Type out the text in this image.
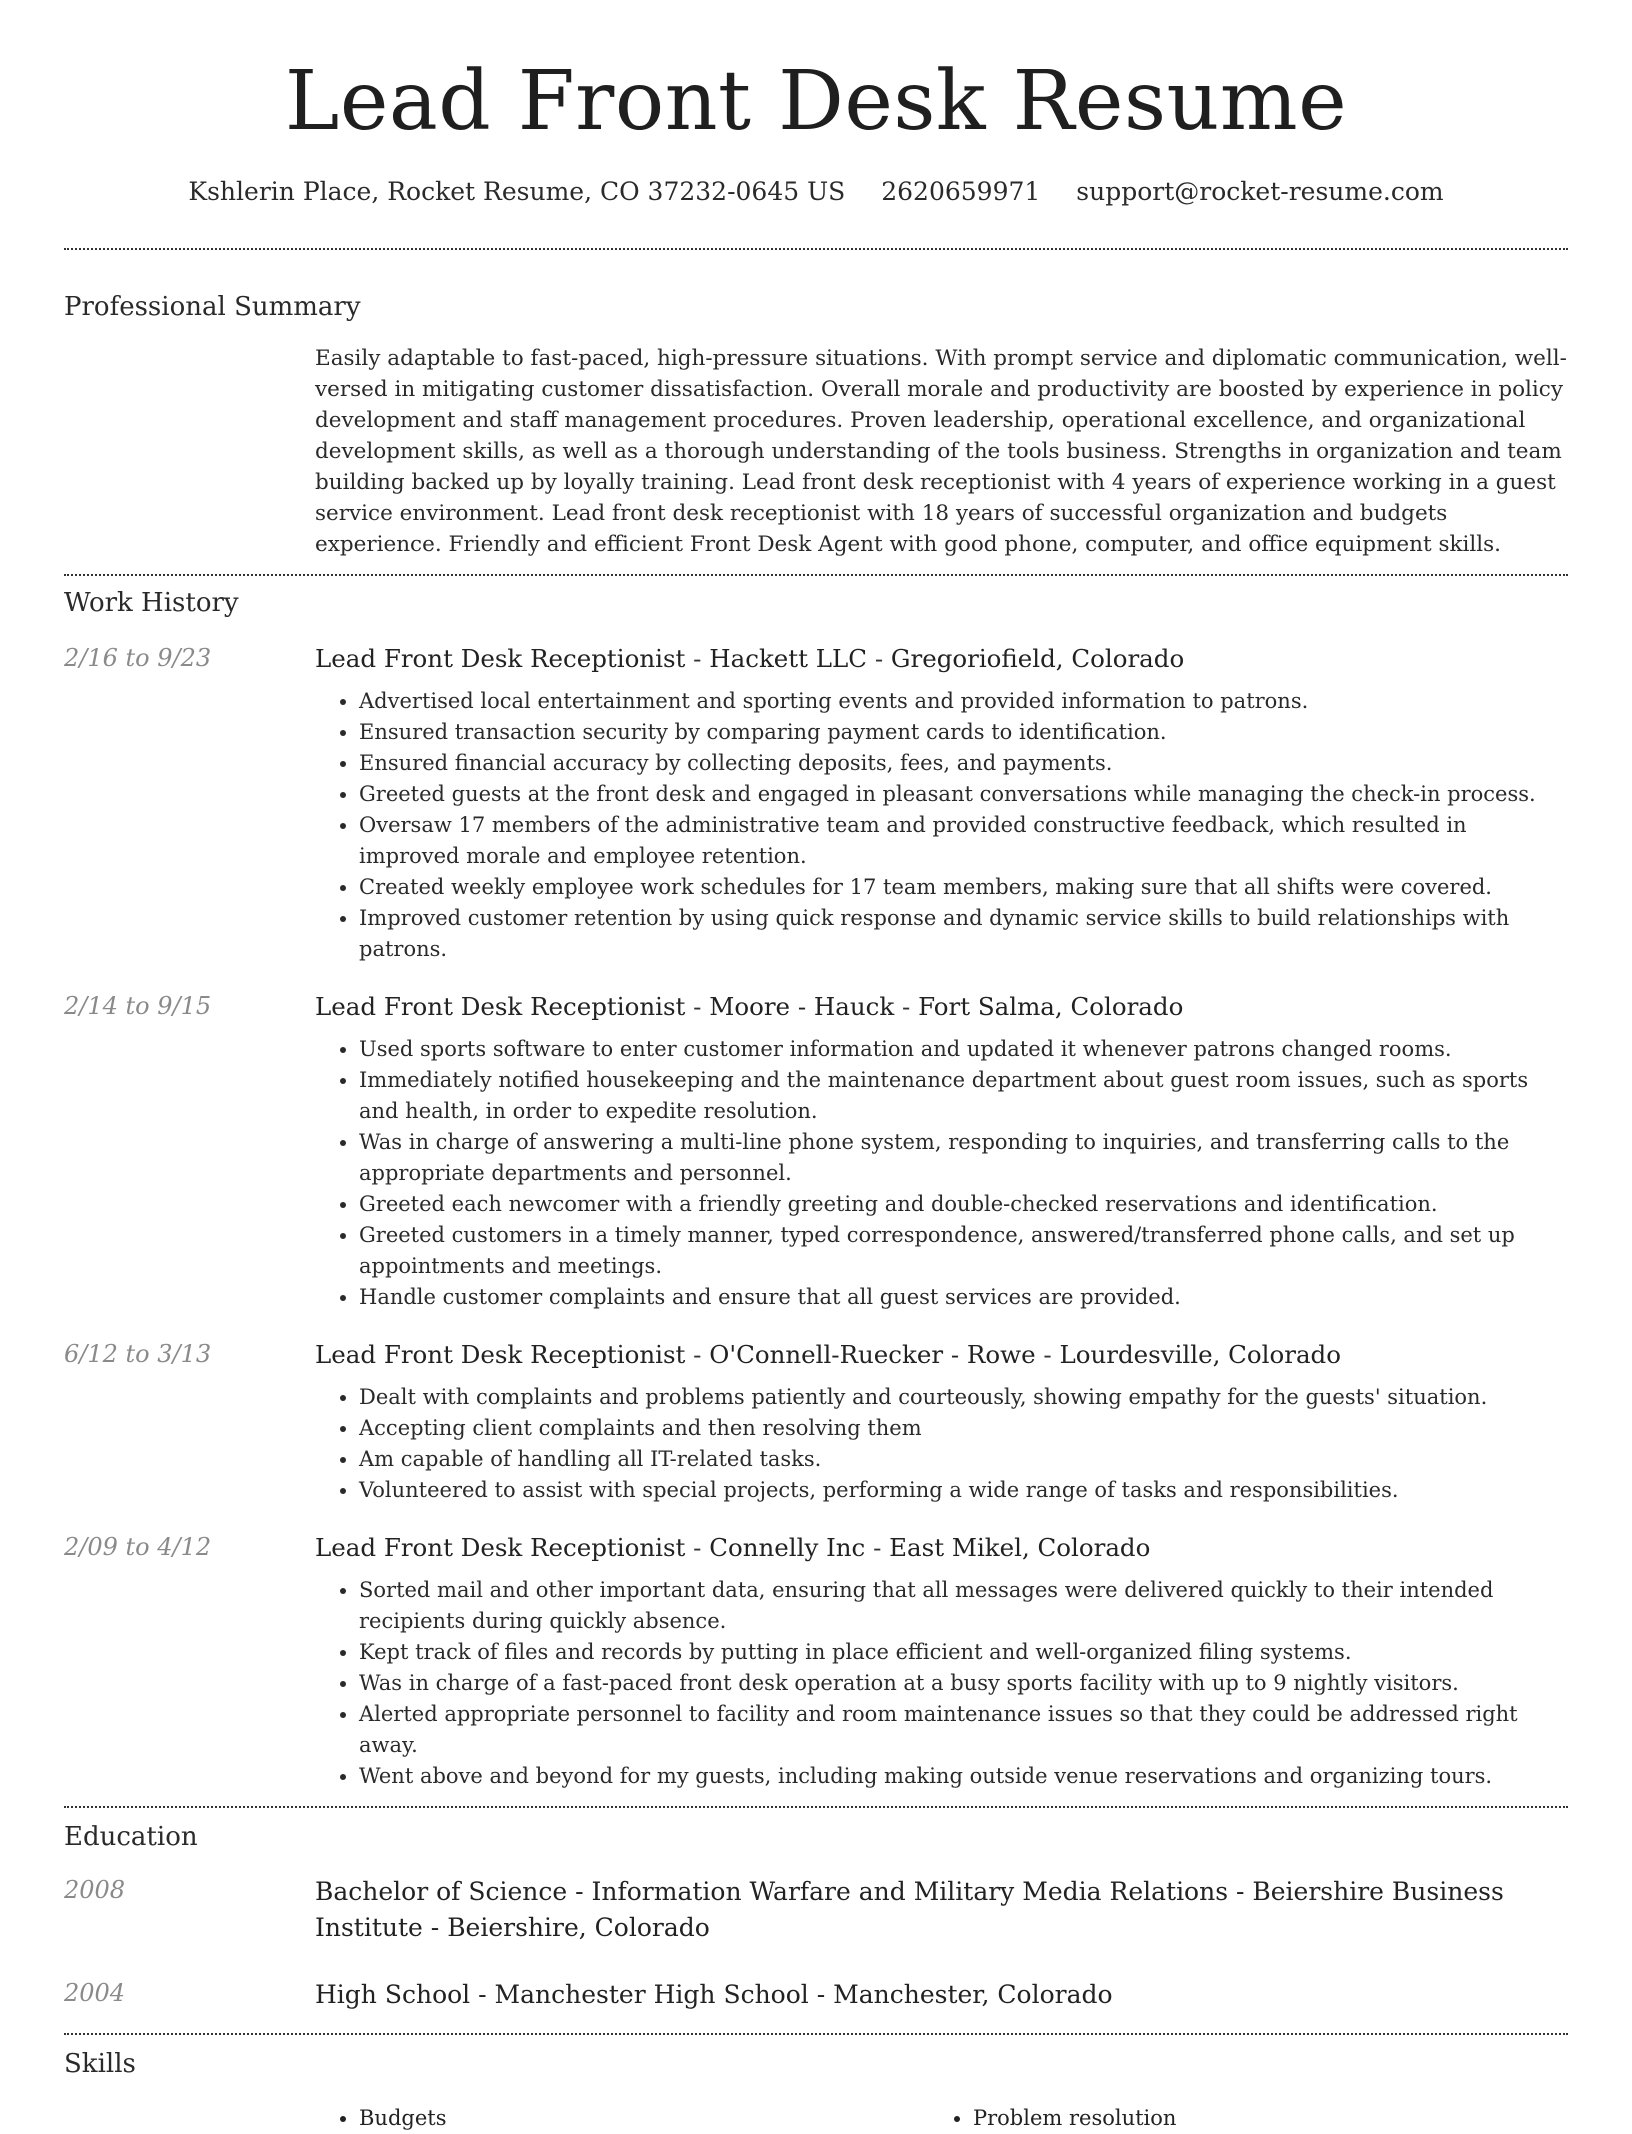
Lead Front Desk Resume
Kshlerin Place, Rocket Resume, CO 37232-0645 US 2620659971 support@rocket-resume.com
Professional Summary

Easily adaptable to fast-paced, high-pressure situations. With prompt service and diplomatic communication, well-versed in mitigating customer dissatisfaction. Overall morale and productivity are boosted by experience in policy development and staff management procedures. Proven leadership, operational excellence, and organizational development skills, as well as a thorough understanding of the tools business. Strengths in organization and team building backed up by loyally training. Lead front desk receptionist with 4 years of experience working in a guest service environment. Lead front desk receptionist with 18 years of successful organization and budgets experience. Friendly and efficient Front Desk Agent with good phone, computer, and office equipment skills.

Work History
2/16 to 9/23	Lead Front Desk Receptionist - Hackett LLC - Gregoriofield, Colorado

• Advertised local entertainment and sporting events and provided information to patrons.
• Ensured transaction security by comparing payment cards to identification.
• Ensured financial accuracy by collecting deposits, fees, and payments.
• Greeted guests at the front desk and engaged in pleasant conversations while managing the check-in process.
• Oversaw 17 members of the administrative team and provided constructive feedback, which resulted in improved morale and employee retention.
• Created weekly employee work schedules for 17 team members, making sure that all shifts were covered.
• Improved customer retention by using quick response and dynamic service skills to build relationships with patrons.
2/14 to 9/15	Lead Front Desk Receptionist - Moore - Hauck - Fort Salma, Colorado

• Used sports software to enter customer information and updated it whenever patrons changed rooms.
• Immediately notified housekeeping and the maintenance department about guest room issues, such as sports and health, in order to expedite resolution.
• Was in charge of answering a multi-line phone system, responding to inquiries, and transferring calls to the appropriate departments and personnel.
• Greeted each newcomer with a friendly greeting and double-checked reservations and identification.
• Greeted customers in a timely manner, typed correspondence, answered/transferred phone calls, and set up appointments and meetings.
• Handle customer complaints and ensure that all guest services are provided.
6/12 to 3/13	Lead Front Desk Receptionist - O'Connell-Ruecker - Rowe - Lourdesville, Colorado

• Dealt with complaints and problems patiently and courteously, showing empathy for the guests' situation.
• Accepting client complaints and then resolving them
• Am capable of handling all IT-related tasks.
• Volunteered to assist with special projects, performing a wide range of tasks and responsibilities.
2/09 to 4/12	Lead Front Desk Receptionist - Connelly Inc - East Mikel, Colorado

• Sorted mail and other important data, ensuring that all messages were delivered quickly to their intended recipients during quickly absence.
• Kept track of files and records by putting in place efficient and well-organized filing systems.
• Was in charge of a fast-paced front desk operation at a busy sports facility with up to 9 nightly visitors.
• Alerted appropriate personnel to facility and room maintenance issues so that they could be addressed right away.
• Went above and beyond for my guests, including making outside venue reservations and organizing tours.
Education
2008	Bachelor of Science - Information Warfare and Military Media Relations - Beiershire Business Institute - Beiershire, Colorado

2004	High School - Manchester High School - Manchester, Colorado

Skills
• Budgets
•	Problem resolution
